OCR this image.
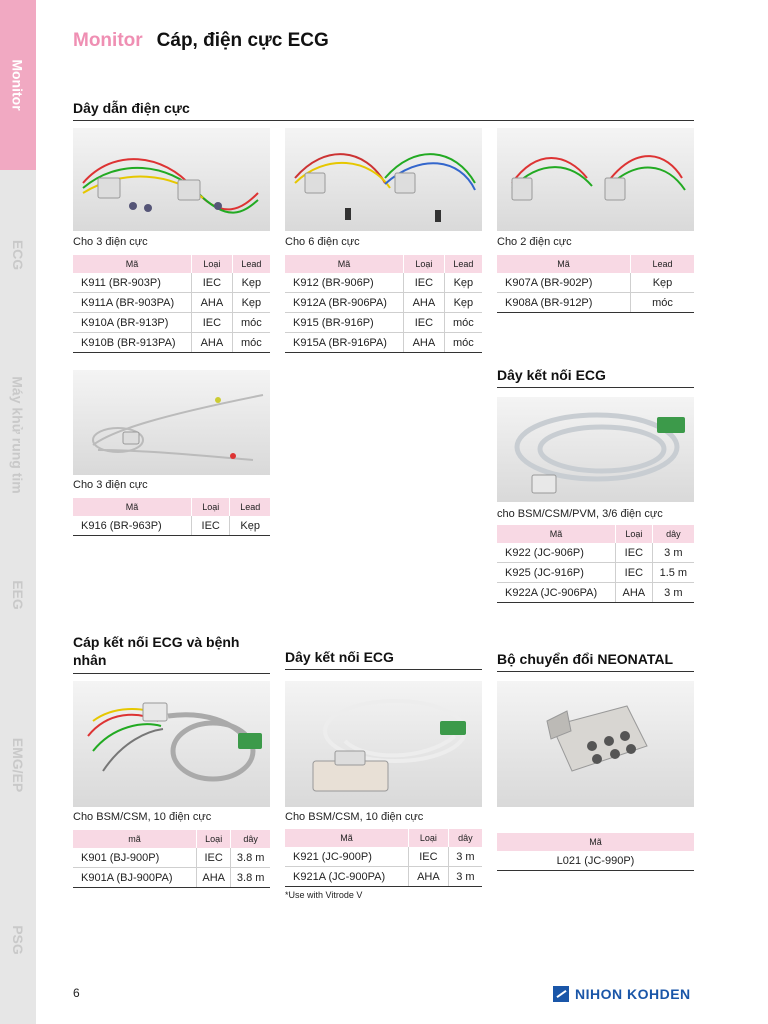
Monitor
ECG
Máy khử rung tim
EEG
EMG/EP
PSG
Monitor Cáp, điện cực ECG
Dây dẫn điện cực
Cho 3 điện cực
Mã	Loại	Lead
K911 (BR-903P)	IEC	Kẹp
K911A (BR-903PA)	AHA	Kẹp
K910A (BR-913P)	IEC	móc
K910B (BR-913PA)	AHA	móc
Cho 6 điện cực
Mã	Loại	Lead
K912 (BR-906P)	IEC	Kẹp
K912A (BR-906PA)	AHA	Kẹp
K915 (BR-916P)	IEC	móc
K915A (BR-916PA)	AHA	móc
Cho 2 điện cực
Mã	Lead
K907A (BR-902P)	Kẹp
K908A (BR-912P)	móc
Cho 3 điện cực
Mã	Loại	Lead
K916 (BR-963P)	IEC	Kẹp
Dây kết nối ECG
cho BSM/CSM/PVM, 3/6 điện cực
Mã	Loại	dây
K922 (JC-906P)	IEC	3 m
K925 (JC-916P)	IEC	1.5 m
K922A (JC-906PA)	AHA	3 m
Cáp kết nối ECG và bệnh nhân
Cho BSM/CSM, 10 điện cực
mã	Loại	dây
K901 (BJ-900P)	IEC	3.8 m
K901A (BJ-900PA)	AHA	3.8 m
Dây kết nối ECG
Cho BSM/CSM, 10 điện cực
Mã	Loại	dây
K921 (JC-900P)	IEC	3 m
K921A (JC-900PA)	AHA	3 m
*Use with Vitrode V
Bộ chuyển đổi NEONATAL
Mã
L021 (JC-990P)
6	NIHON KOHDEN
